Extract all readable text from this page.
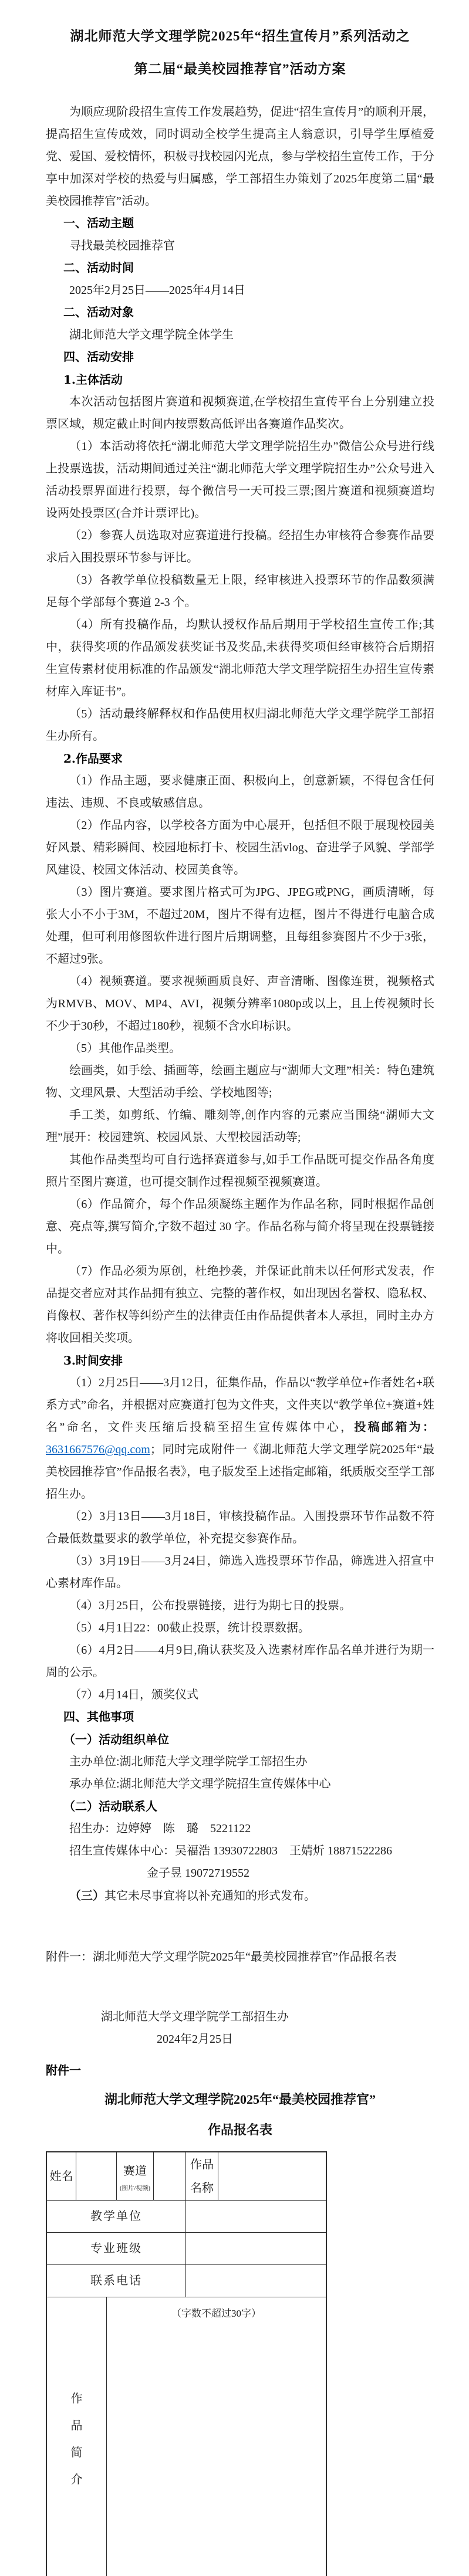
湖北师范大学文理学院2025年“招生宣传月”系列活动之
第二届“最美校园推荐官”活动方案

为顺应现阶段招生宣传工作发展趋势，促进“招生宣传月”的顺利开展，提高招生宣传成效，同时调动全校学生提高主人翁意识，引导学生厚植爱党、爱国、爱校情怀，积极寻找校园闪光点，参与学校招生宣传工作，于分享中加深对学校的热爱与归属感，学工部招生办策划了2025年度第二届“最美校园推荐官”活动。

一、活动主题

寻找最美校园推荐官

二、活动时间

2025年2月25日——2025年4月14日

二、活动对象

湖北师范大学文理学院全体学生

四、活动安排

1.主体活动

本次活动包括图片赛道和视频赛道,在学校招生宣传平台上分别建立投票区域，规定截止时间内按票数高低评出各赛道作品奖次。

（1）本活动将依托“湖北师范大学文理学院招生办”微信公众号进行线上投票选拔，活动期间通过关注“湖北师范大学文理学院招生办”公众号进入活动投票界面进行投票，每个微信号一天可投三票;图片赛道和视频赛道均设两处投票区(合并计票评比)。

（2）参赛人员选取对应赛道进行投稿。经招生办审核符合参赛作品要求后入围投票环节参与评比。

（3）各教学单位投稿数量无上限，经审核进入投票环节的作品数须满足每个学部每个赛道 2-3 个。

（4）所有投稿作品，均默认授权作品后期用于学校招生宣传工作;其中，获得奖项的作品颁发获奖证书及奖品,未获得奖项但经审核符合后期招生宣传素材使用标准的作品颁发“湖北师范大学文理学院招生办招生宣传素材库入库证书”。

（5）活动最终解释权和作品使用权归湖北师范大学文理学院学工部招生办所有。

2.作品要求

（1）作品主题，要求健康正面、积极向上，创意新颖，不得包含任何违法、违规、不良或敏感信息。

（2）作品内容，以学校各方面为中心展开，包括但不限于展现校园美好风景、精彩瞬间、校园地标打卡、校园生活vlog、奋进学子风貌、学部学风建设、校园文体活动、校园美食等。

（3）图片赛道。要求图片格式可为JPG、JPEG或PNG，画质清晰，每张大小不小于3M，不超过20M，图片不得有边框，图片不得进行电脑合成处理，但可利用修图软件进行图片后期调整，且每组参赛图片不少于3张，不超过9张。

（4）视频赛道。要求视频画质良好、声音清晰、图像连贯，视频格式为RMVB、MOV、MP4、AVI，视频分辨率1080p或以上，且上传视频时长不少于30秒，不超过180秒，视频不含水印标识。

（5）其他作品类型。

绘画类，如手绘、插画等，绘画主题应与“湖师大文理”相关：特色建筑物、文理风景、大型活动手绘、学校地图等;

手工类，如剪纸、竹编、雕刻等,创作内容的元素应当围绕“湖师大文理”展开：校园建筑、校园风景、大型校园活动等;

其他作品类型均可自行选择赛道参与,如手工作品既可提交作品各角度照片至图片赛道，也可提交制作过程视频至视频赛道。

（6）作品简介，每个作品须凝练主题作为作品名称，同时根据作品创意、亮点等,撰写简介,字数不超过 30 字。作品名称与简介将呈现在投票链接中。

（7）作品必须为原创，杜绝抄袭，并保证此前未以任何形式发表，作品提交者应对其作品拥有独立、完整的著作权，如出现因名誉权、隐私权、肖像权、著作权等纠纷产生的法律责任由作品提供者本人承担，同时主办方将收回相关奖项。

3.时间安排

（1）2月25日——3月12日，征集作品，作品以“教学单位+作者姓名+联系方式”命名，并根据对应赛道打包为文件夹，文件夹以“教学单位+赛道+姓名”命名，文件夹压缩后投稿至招生宣传媒体中心，投稿邮箱为：3631667576@qq.com；同时完成附件一《湖北师范大学文理学院2025年“最美校园推荐官”作品报名表》，电子版发至上述指定邮箱，纸质版交至学工部招生办。

（2）3月13日——3月18日，审核投稿作品。入围投票环节作品数不符合最低数量要求的教学单位，补充提交参赛作品。

（3）3月19日——3月24日，筛选入选投票环节作品，筛选进入招宣中心素材库作品。

（4）3月25日，公布投票链接，进行为期七日的投票。

（5）4月1日22：00截止投票，统计投票数据。

（6）4月2日——4月9日,确认获奖及入选素材库作品名单并进行为期一周的公示。

（7）4月14日，颁奖仪式

四、其他事项

（一）活动组织单位

主办单位:湖北师范大学文理学院学工部招生办

承办单位:湖北师范大学文理学院招生宣传媒体中心

（二）活动联系人

招生办：边婷婷　陈　璐　5221122

招生宣传媒体中心：吴福浩 13930722803　王婧炘 18871522286

金子昱 19072719552

（三）其它未尽事宜将以补充通知的形式发布。

附件一：湖北师范大学文理学院2025年“最美校园推荐官”作品报名表

湖北师范大学文理学院学工部招生办

2024年2月25日

附件一

湖北师范大学文理学院2025年“最美校园推荐官”
作品报名表
姓名	赛道
(图片/视频)
作品名称
教学单位
专业班级
联系电话
作品简介
（字数不超过30字）
